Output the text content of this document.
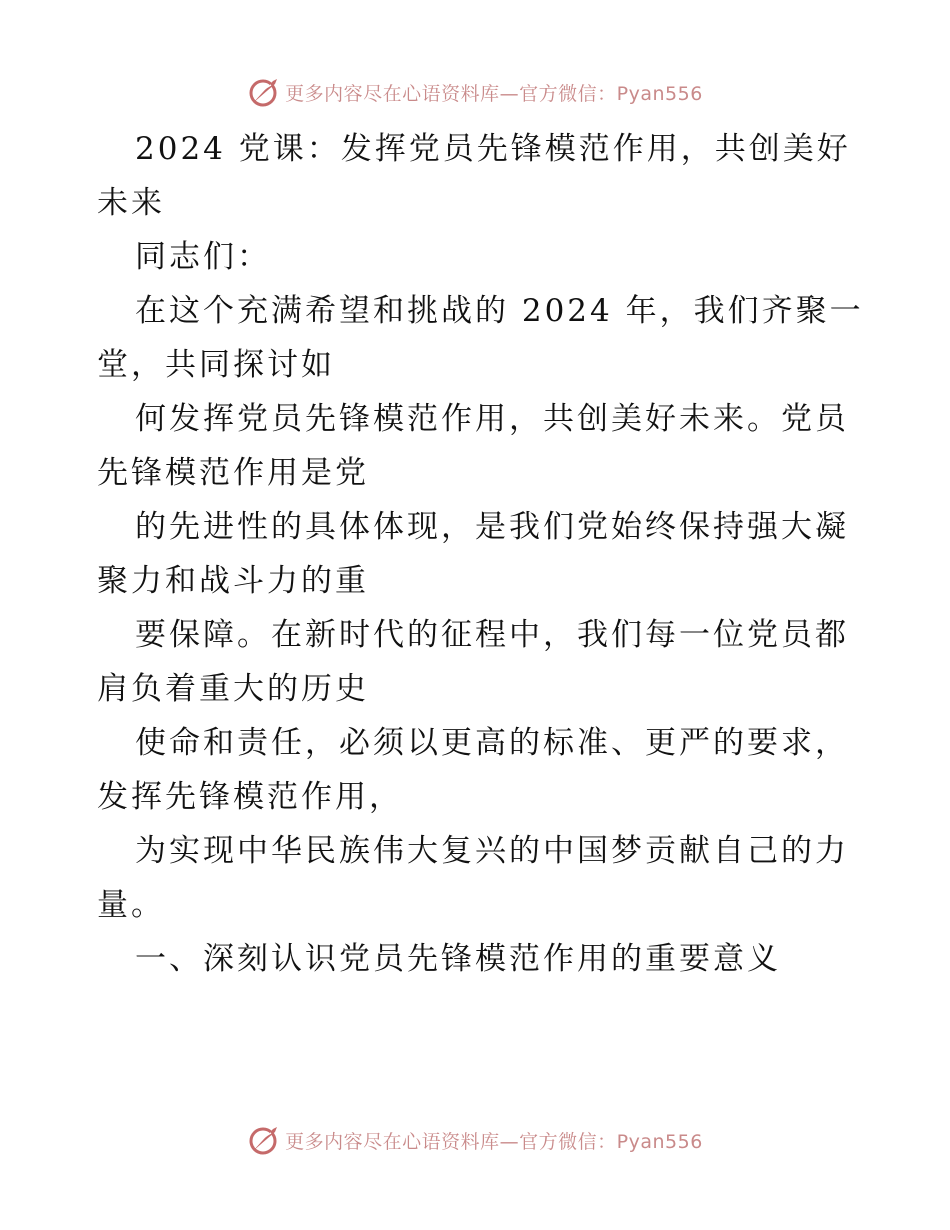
更多内容尽在心语资料库—官方微信：Pyan556
2024 党课：发挥党员先锋模范作用，共创美好
未来
同志们：
在这个充满希望和挑战的 2024 年，我们齐聚一
堂，共同探讨如
何发挥党员先锋模范作用，共创美好未来。党员
先锋模范作用是党
的先进性的具体体现，是我们党始终保持强大凝
聚力和战斗力的重
要保障。在新时代的征程中，我们每一位党员都
肩负着重大的历史
使命和责任，必须以更高的标准、更严的要求，
发挥先锋模范作用，
为实现中华民族伟大复兴的中国梦贡献自己的力
量。
一、深刻认识党员先锋模范作用的重要意义
更多内容尽在心语资料库—官方微信：Pyan556
